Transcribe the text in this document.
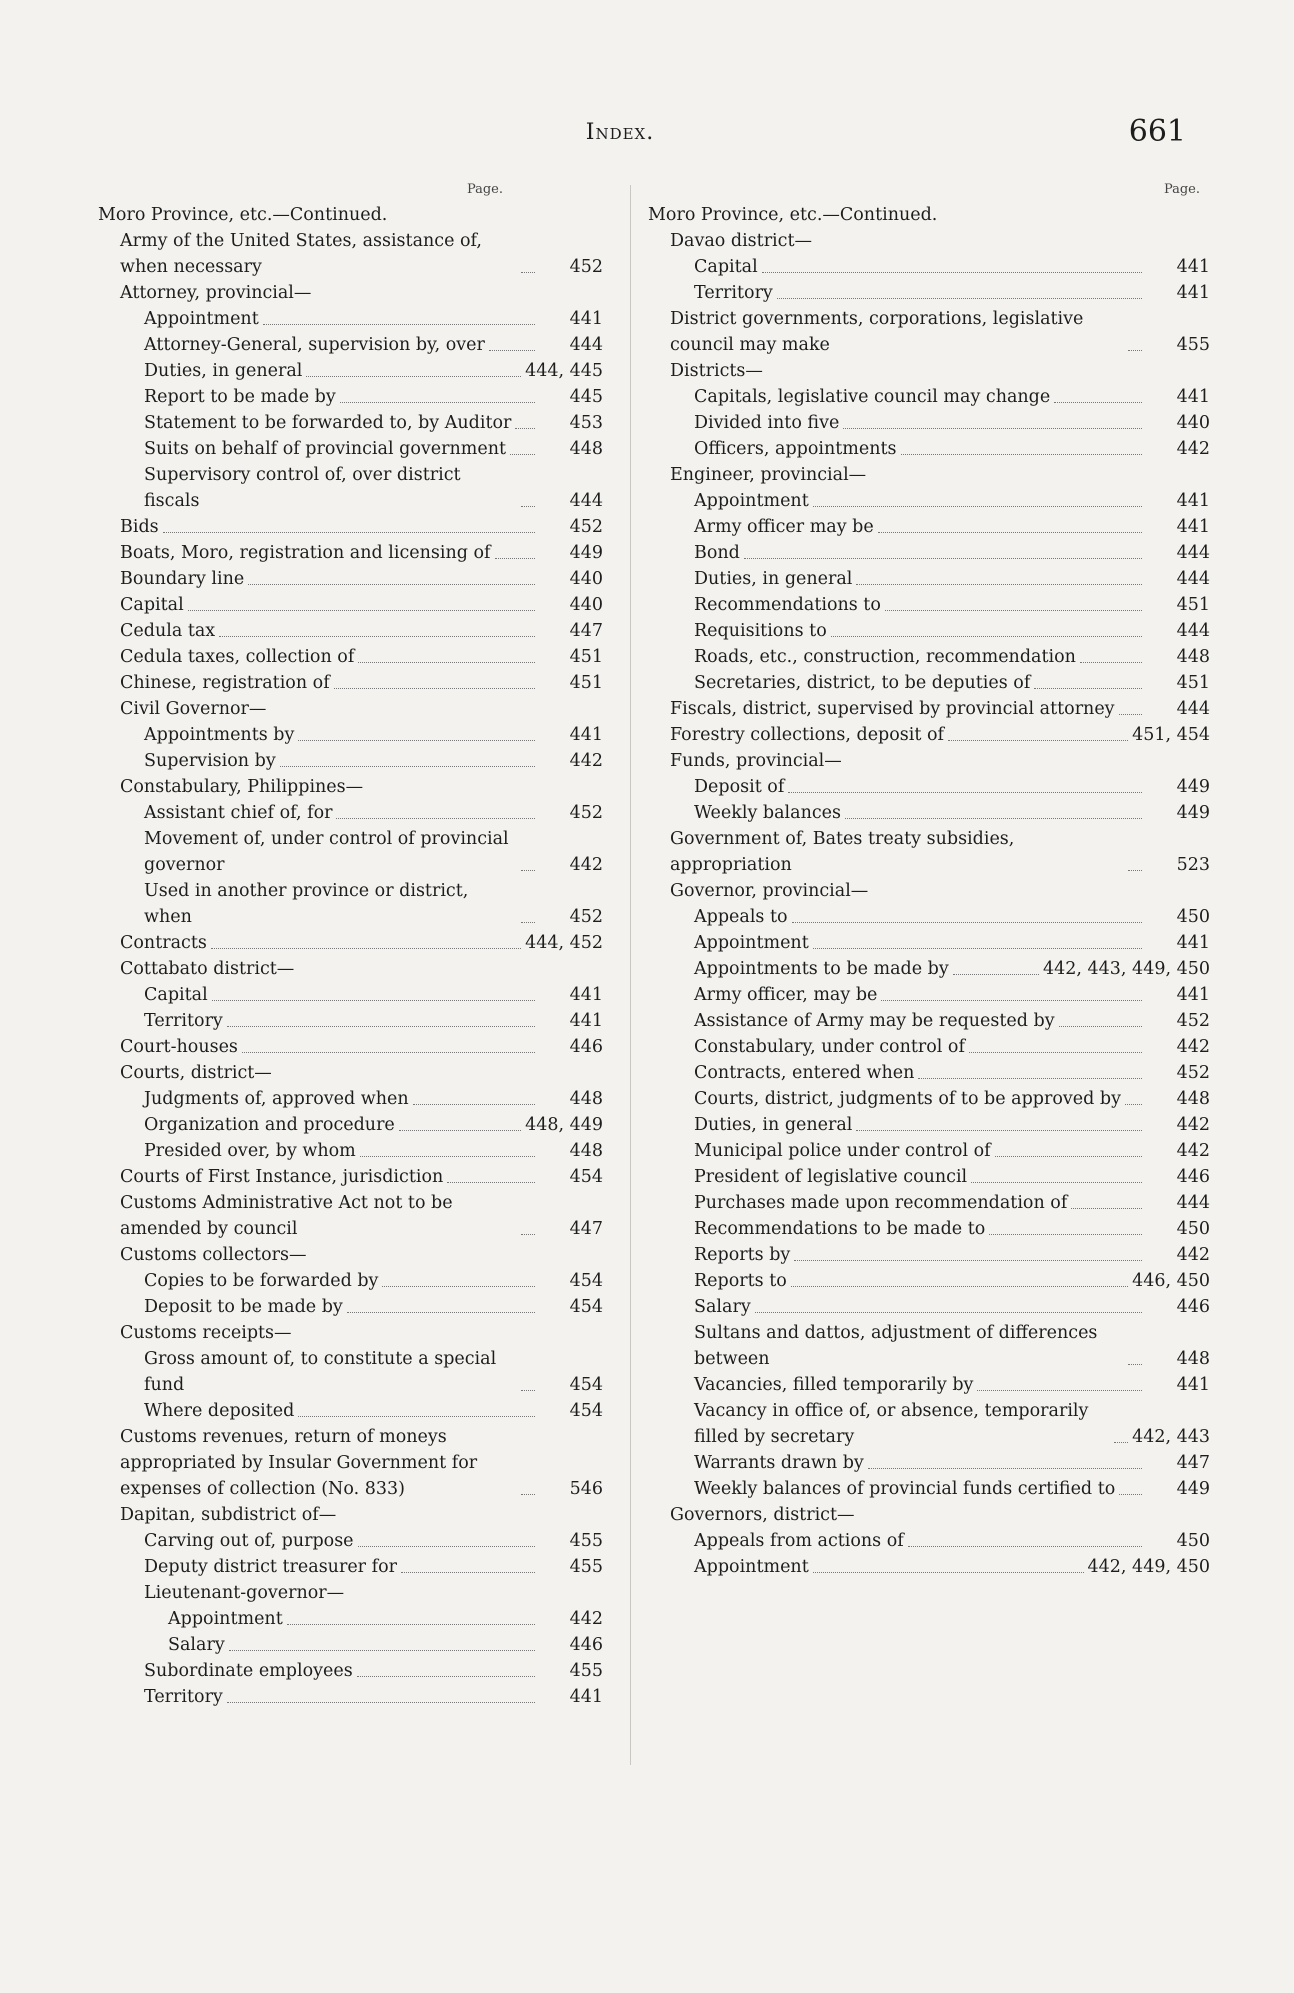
Index.	661
Page.
Moro Province, etc.—Continued.
Army of the United States, assistance of, when necessary	452
Attorney, provincial—
Appointment	441
Attorney-General, supervision by, over	444
Duties, in general	444, 445
Report to be made by	445
Statement to be forwarded to, by Auditor	453
Suits on behalf of provincial government	448
Supervisory control of, over district fiscals	444
Bids	452
Boats, Moro, registration and licensing of	449
Boundary line	440
Capital	440
Cedula tax	447
Cedula taxes, collection of	451
Chinese, registration of	451
Civil Governor—
Appointments by	441
Supervision by	442
Constabulary, Philippines—
Assistant chief of, for	452
Movement of, under control of provincial governor	442
Used in another province or district, when	452
Contracts	444, 452
Cottabato district—
Capital	441
Territory	441
Court-houses	446
Courts, district—
Judgments of, approved when	448
Organization and procedure	448, 449
Presided over, by whom	448
Courts of First Instance, jurisdiction	454
Customs Administrative Act not to be amended by council	447
Customs collectors—
Copies to be forwarded by	454
Deposit to be made by	454
Customs receipts—
Gross amount of, to constitute a special fund	454
Where deposited	454
Customs revenues, return of moneys appropriated by Insular Government for expenses of collection (No. 833)	546
Dapitan, subdistrict of—
Carving out of, purpose	455
Deputy district treasurer for	455
Lieutenant-governor—
Appointment	442
Salary	446
Subordinate employees	455
Territory	441
Page.
Moro Province, etc.—Continued.
Davao district—
Capital	441
Territory	441
District governments, corporations, legislative council may make	455
Districts—
Capitals, legislative council may change	441
Divided into five	440
Officers, appointments	442
Engineer, provincial—
Appointment	441
Army officer may be	441
Bond	444
Duties, in general	444
Recommendations to	451
Requisitions to	444
Roads, etc., construction, recommendation	448
Secretaries, district, to be deputies of	451
Fiscals, district, supervised by provincial attorney	444
Forestry collections, deposit of	451, 454
Funds, provincial—
Deposit of	449
Weekly balances	449
Government of, Bates treaty subsidies, appropriation	523
Governor, provincial—
Appeals to	450
Appointment	441
Appointments to be made by	442, 443, 449, 450
Army officer, may be	441
Assistance of Army may be requested by	452
Constabulary, under control of	442
Contracts, entered when	452
Courts, district, judgments of to be approved by	448
Duties, in general	442
Municipal police under control of	442
President of legislative council	446
Purchases made upon recommendation of	444
Recommendations to be made to	450
Reports by	442
Reports to	446, 450
Salary	446
Sultans and dattos, adjustment of differences between	448
Vacancies, filled temporarily by	441
Vacancy in office of, or absence, temporarily filled by secretary	442, 443
Warrants drawn by	447
Weekly balances of provincial funds certified to	449
Governors, district—
Appeals from actions of	450
Appointment	442, 449, 450
